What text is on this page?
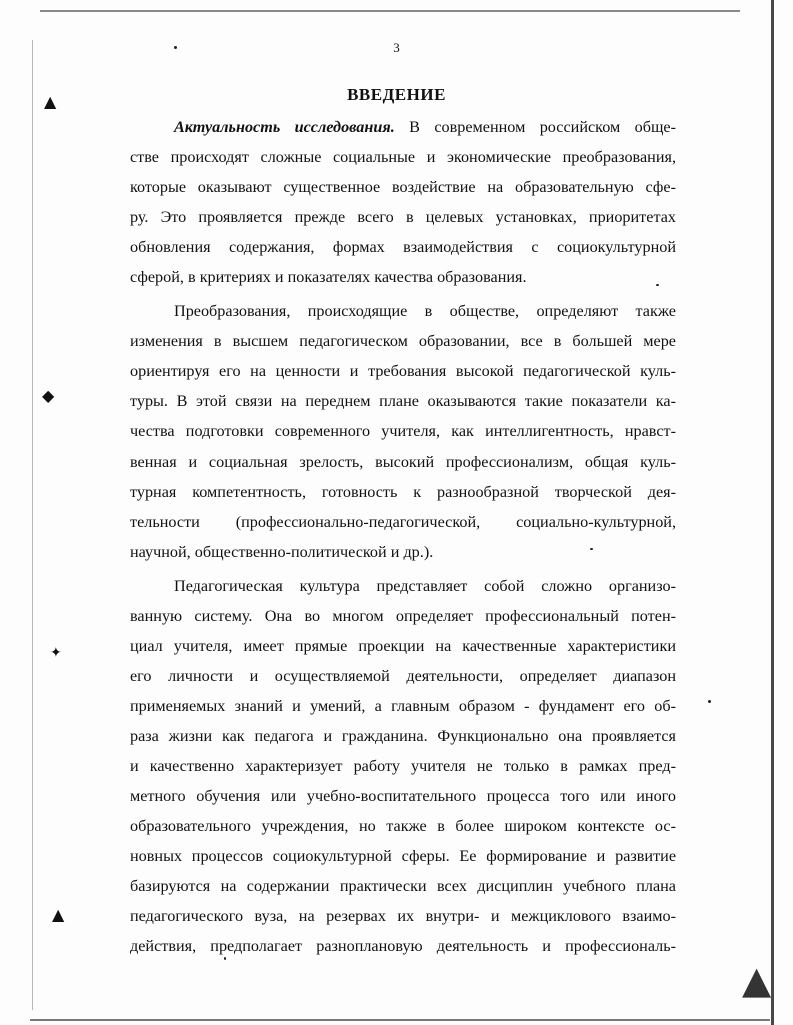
▲
◆
✦
▲
▲
3
ВВЕДЕНИЕ
Актуальность исследования. В современном российском обще-
стве происходят сложные социальные и экономические преобразования,
которые оказывают существенное воздействие на образовательную сфе-
ру. Это проявляется прежде всего в целевых установках, приоритетах
обновления содержания, формах взаимодействия с социокультурной
сферой, в критериях и показателях качества образования.
Преобразования, происходящие в обществе, определяют также
изменения в высшем педагогическом образовании, все в большей мере
ориентируя его на ценности и требования высокой педагогической куль-
туры. В этой связи на переднем плане оказываются такие показатели ка-
чества подготовки современного учителя, как интеллигентность, нравст-
венная и социальная зрелость, высокий профессионализм, общая куль-
турная компетентность, готовность к разнообразной творческой дея-
тельности (профессионально-педагогической, социально-культурной,
научной, общественно-политической и др.).
Педагогическая культура представляет собой сложно организо-
ванную систему. Она во многом определяет профессиональный потен-
циал учителя, имеет прямые проекции на качественные характеристики
его личности и осуществляемой деятельности, определяет диапазон
применяемых знаний и умений, а главным образом - фундамент его об-
раза жизни как педагога и гражданина. Функционально она проявляется
и качественно характеризует работу учителя не только в рамках пред-
метного обучения или учебно-воспитательного процесса того или иного
образовательного учреждения, но также в более широком контексте ос-
новных процессов социокультурной сферы. Ее формирование и развитие
базируются на содержании практически всех дисциплин учебного плана
педагогического вуза, на резервах их внутри- и межциклового взаимо-
действия, предполагает разноплановую деятельность и профессиональ-
